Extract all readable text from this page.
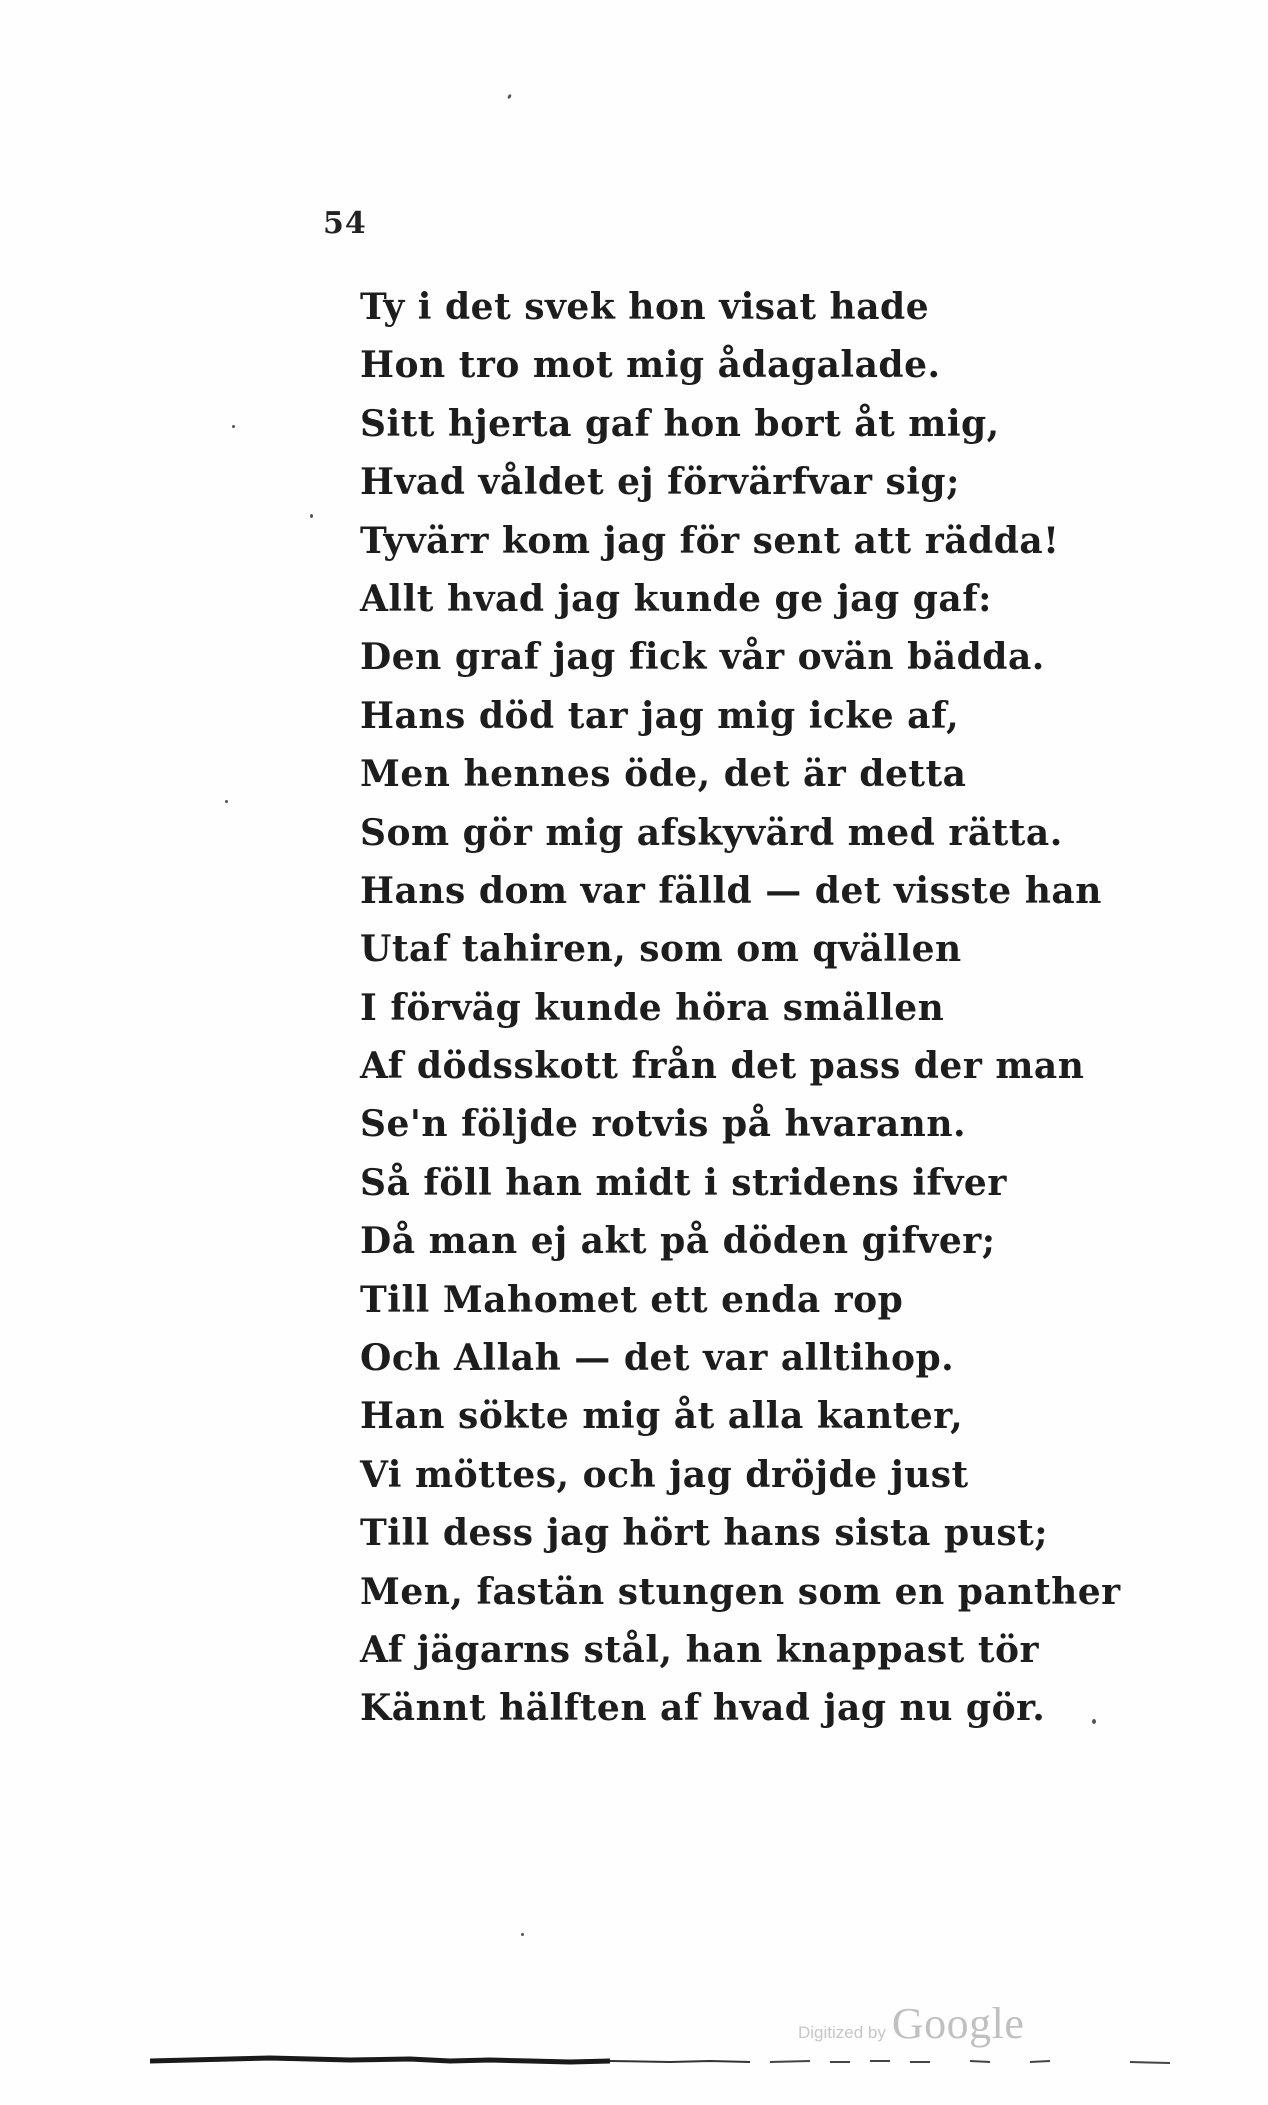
54
Ty i det svek hon visat hade
Hon tro mot mig ådagalade.
Sitt hjerta gaf hon bort åt mig,
Hvad våldet ej förvärfvar sig;
Tyvärr kom jag för sent att rädda!
Allt hvad jag kunde ge jag gaf:
Den graf jag fick vår ovän bädda.
Hans död tar jag mig icke af,
Men hennes öde, det är detta
Som gör mig afskyvärd med rätta.
Hans dom var fälld — det visste han
Utaf tahiren, som om qvällen
I förväg kunde höra smällen
Af dödsskott från det pass der man
Se'n följde rotvis på hvarann.
Så föll han midt i stridens ifver
Då man ej akt på döden gifver;
Till Mahomet ett enda rop
Och Allah — det var alltihop.
Han sökte mig åt alla kanter,
Vi möttes, och jag dröjde just
Till dess jag hört hans sista pust;
Men, fastän stungen som en panther
Af jägarns stål, han knappast tör
Kännt hälften af hvad jag nu gör.
Digitized by Google
